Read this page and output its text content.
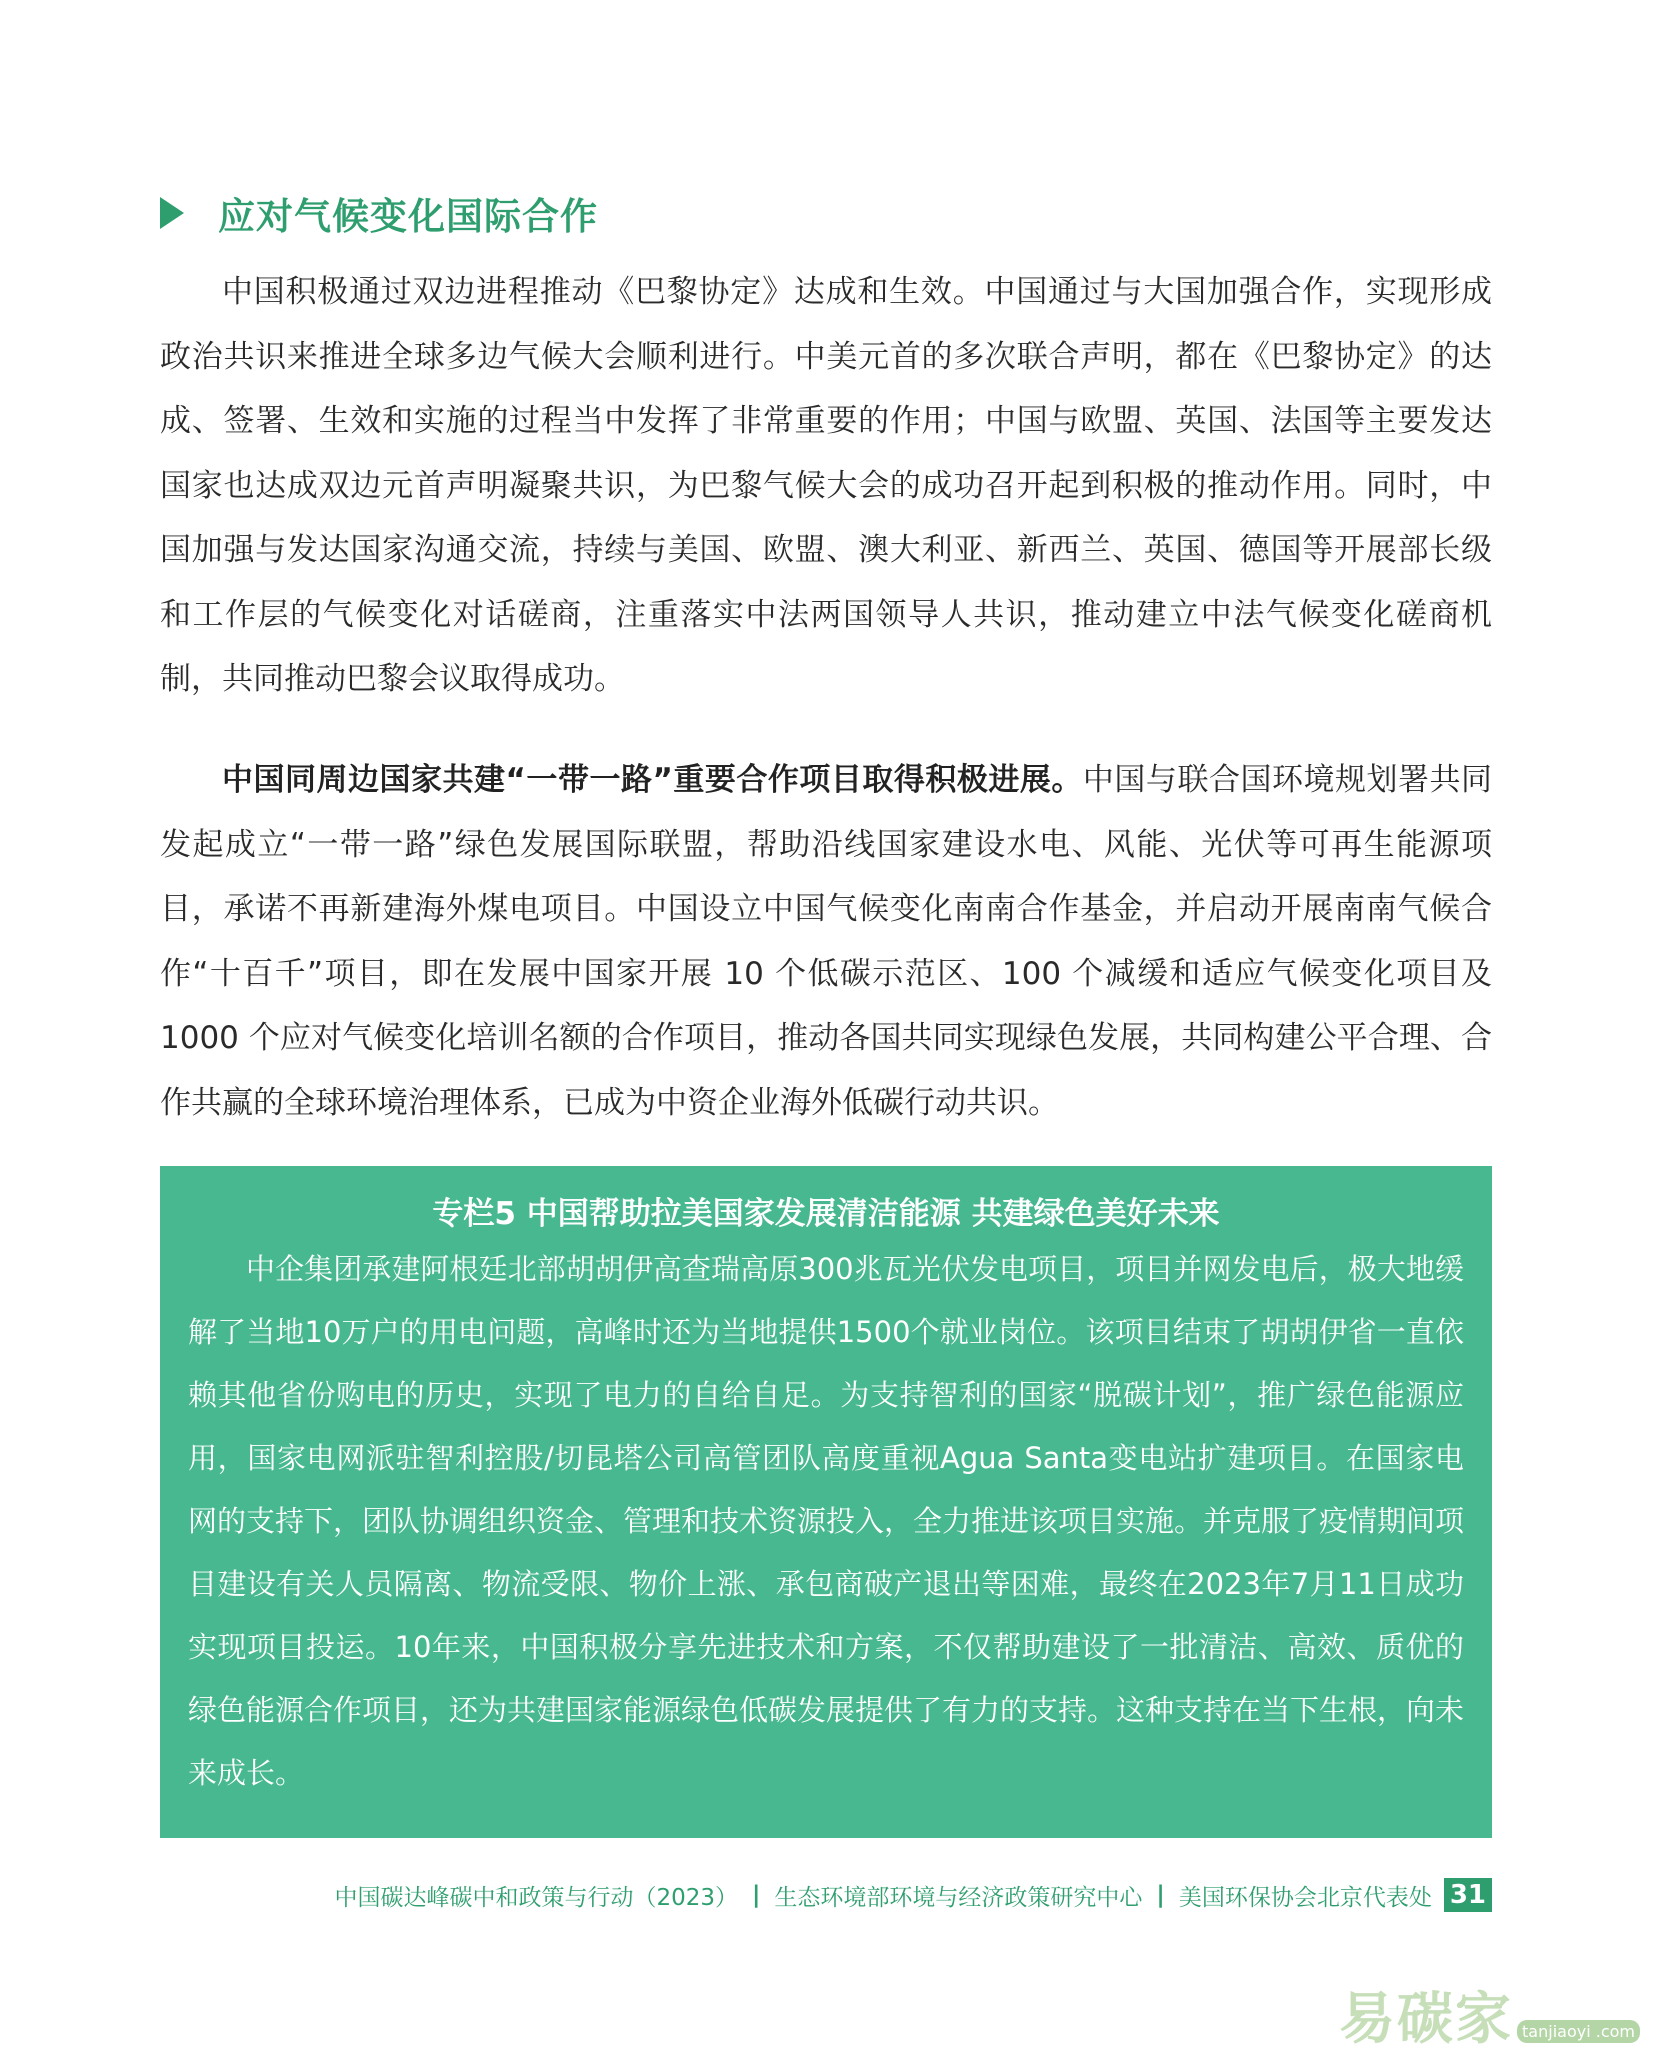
应对气候变化国际合作

中国积极通过双边进程推动《巴黎协定》达成和生效。中国通过与大国加强合作，实现形成政治共识来推进全球多边气候大会顺利进行。中美元首的多次联合声明，都在《巴黎协定》的达成、签署、生效和实施的过程当中发挥了非常重要的作用；中国与欧盟、英国、法国等主要发达国家也达成双边元首声明凝聚共识，为巴黎气候大会的成功召开起到积极的推动作用。同时，中国加强与发达国家沟通交流，持续与美国、欧盟、澳大利亚、新西兰、英国、德国等开展部长级和工作层的气候变化对话磋商，注重落实中法两国领导人共识，推动建立中法气候变化磋商机制，共同推动巴黎会议取得成功。

中国同周边国家共建“一带一路”重要合作项目取得积极进展。中国与联合国环境规划署共同发起成立“一带一路”绿色发展国际联盟，帮助沿线国家建设水电、风能、光伏等可再生能源项目，承诺不再新建海外煤电项目。中国设立中国气候变化南南合作基金，并启动开展南南气候合作“十百千”项目，即在发展中国家开展 10 个低碳示范区、100 个减缓和适应气候变化项目及 1000 个应对气候变化培训名额的合作项目，推动各国共同实现绿色发展，共同构建公平合理、合作共赢的全球环境治理体系，已成为中资企业海外低碳行动共识。

专栏5 中国帮助拉美国家发展清洁能源 共建绿色美好未来

中企集团承建阿根廷北部胡胡伊高查瑞高原300兆瓦光伏发电项目，项目并网发电后，极大地缓解了当地10万户的用电问题，高峰时还为当地提供1500个就业岗位。该项目结束了胡胡伊省一直依赖其他省份购电的历史，实现了电力的自给自足。为支持智利的国家“脱碳计划”，推广绿色能源应用，国家电网派驻智利控股/切昆塔公司高管团队高度重视Agua Santa变电站扩建项目。在国家电网的支持下，团队协调组织资金、管理和技术资源投入，全力推进该项目实施。并克服了疫情期间项目建设有关人员隔离、物流受限、物价上涨、承包商破产退出等困难，最终在2023年7月11日成功实现项目投运。10年来，中国积极分享先进技术和方案，不仅帮助建设了一批清洁、高效、质优的绿色能源合作项目，还为共建国家能源绿色低碳发展提供了有力的支持。这种支持在当下生根，向未来成长。

中国碳达峰碳中和政策与行动（2023） | 生态环境部环境与经济政策研究中心 | 美国环保协会北京代表处 31
易碳家 tanjiaoyi .com
